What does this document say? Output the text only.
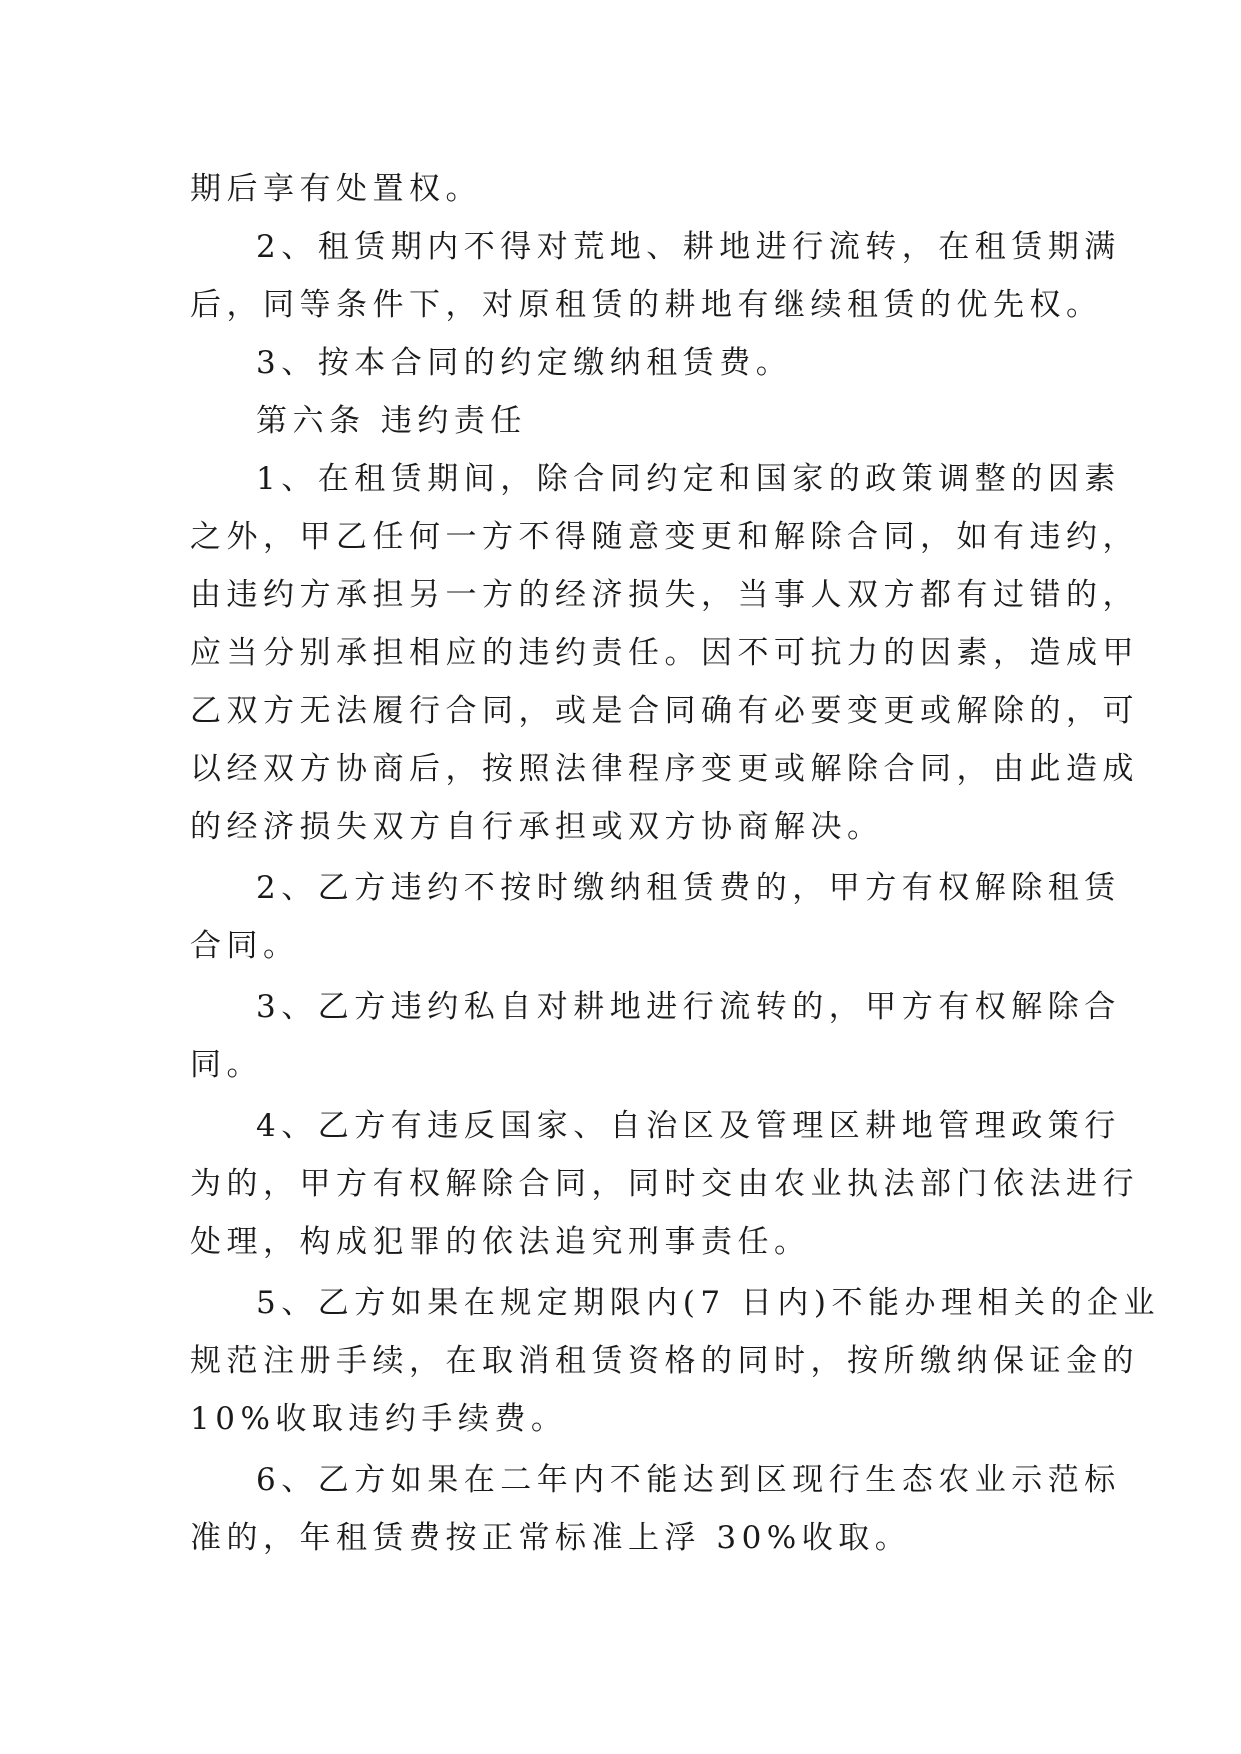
期后享有处置权。
2、租赁期内不得对荒地、耕地进行流转，在租赁期满
后，同等条件下，对原租赁的耕地有继续租赁的优先权。
3、按本合同的约定缴纳租赁费。
第六条 违约责任
1、在租赁期间，除合同约定和国家的政策调整的因素
之外，甲乙任何一方不得随意变更和解除合同，如有违约，
由违约方承担另一方的经济损失，当事人双方都有过错的，
应当分别承担相应的违约责任。因不可抗力的因素，造成甲
乙双方无法履行合同，或是合同确有必要变更或解除的，可
以经双方协商后，按照法律程序变更或解除合同，由此造成
的经济损失双方自行承担或双方协商解决。
2、乙方违约不按时缴纳租赁费的，甲方有权解除租赁
合同。
3、乙方违约私自对耕地进行流转的，甲方有权解除合
同。
4、乙方有违反国家、自治区及管理区耕地管理政策行
为的，甲方有权解除合同，同时交由农业执法部门依法进行
处理，构成犯罪的依法追究刑事责任。
5、乙方如果在规定期限内(7 日内)不能办理相关的企业
规范注册手续，在取消租赁资格的同时，按所缴纳保证金的
10%收取违约手续费。
6、乙方如果在二年内不能达到区现行生态农业示范标
准的，年租赁费按正常标准上浮 30%收取。
